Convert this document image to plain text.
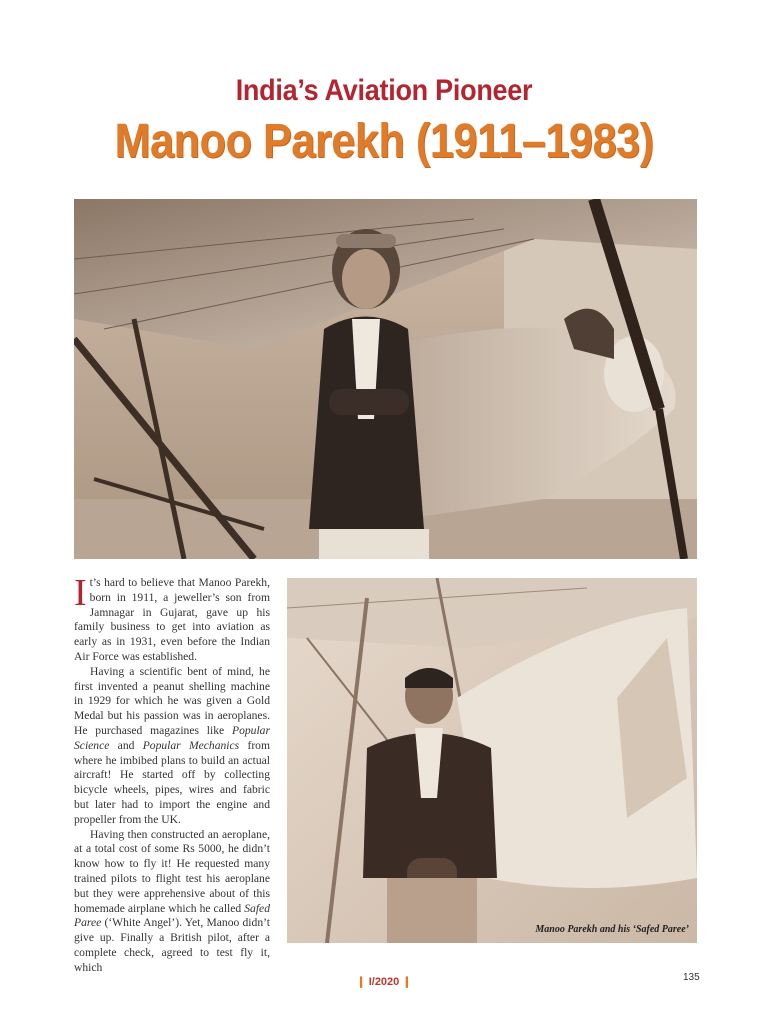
India’s Aviation Pioneer
Manoo Parekh (1911–1983)

It’s hard to believe that Manoo Parekh, born in 1911, a jeweller’s son from Jamnagar in Gujarat, gave up his family business to get into aviation as early as in 1931, even before the Indian Air Force was established.

Having a scientific bent of mind, he first invented a peanut shelling machine in 1929 for which he was given a Gold Medal but his passion was in aeroplanes. He purchased magazines like Popular Science and Popular Mechanics from where he imbibed plans to build an actual aircraft! He started off by collecting bicycle wheels, pipes, wires and fabric but later had to import the engine and propeller from the UK.

Having then constructed an aeroplane, at a total cost of some Rs 5000, he didn’t know how to fly it! He requested many trained pilots to flight test his aeroplane but they were apprehensive about of this homemade airplane which he called Safed Paree (‘White Angel’). Yet, Manoo didn’t give up. Finally a British pilot, after a complete check, agreed to test fly it, which

Manoo Parekh and his ‘Safed Paree’
❙ I/2020 ❙	135
